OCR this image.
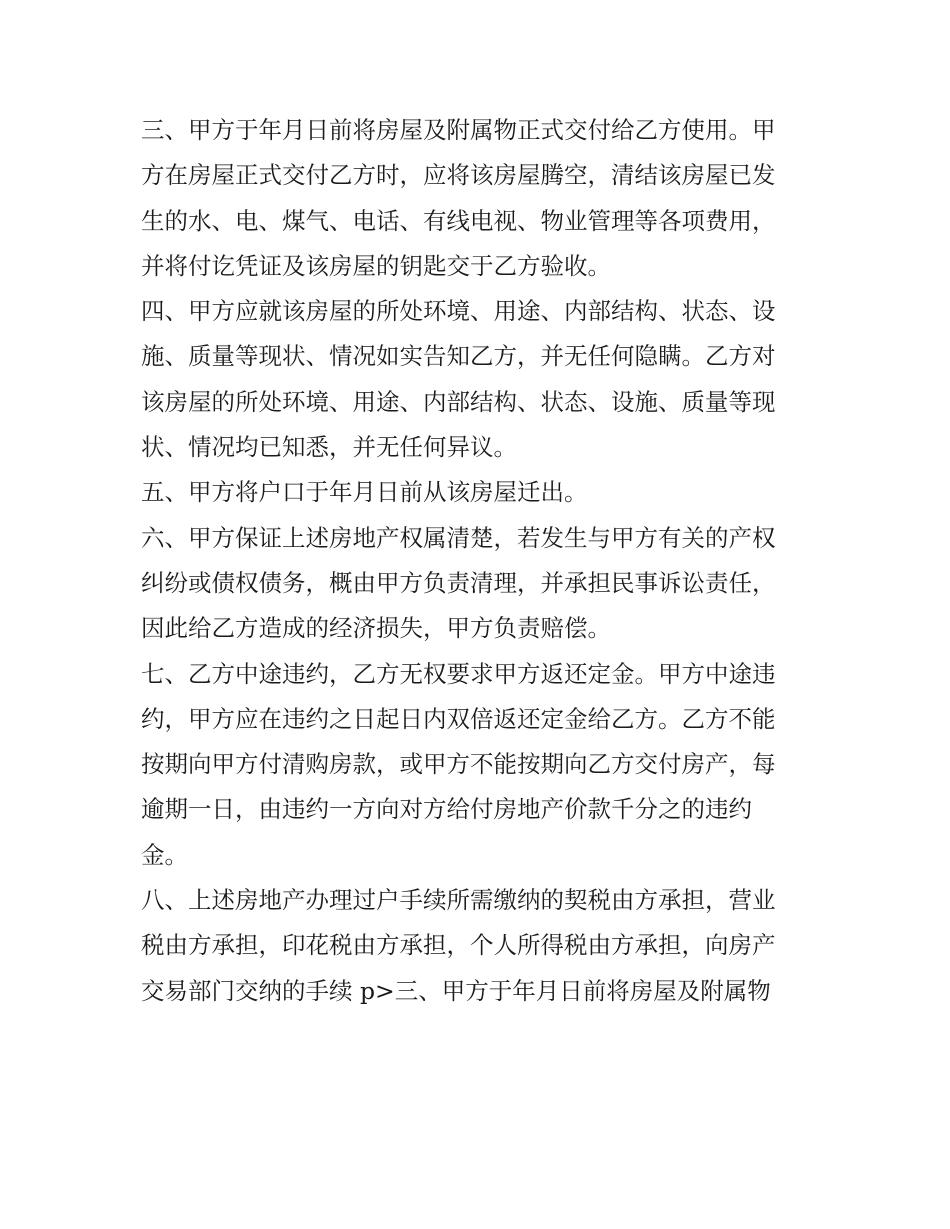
三、甲方于年月日前将房屋及附属物正式交付给乙方使用。甲
方在房屋正式交付乙方时，应将该房屋腾空，清结该房屋已发
生的水、电、煤气、电话、有线电视、物业管理等各项费用，
并将付讫凭证及该房屋的钥匙交于乙方验收。
四、甲方应就该房屋的所处环境、用途、内部结构、状态、设
施、质量等现状、情况如实告知乙方，并无任何隐瞒。乙方对
该房屋的所处环境、用途、内部结构、状态、设施、质量等现
状、情况均已知悉，并无任何异议。
五、甲方将户口于年月日前从该房屋迁出。
六、甲方保证上述房地产权属清楚，若发生与甲方有关的产权
纠纷或债权债务，概由甲方负责清理，并承担民事诉讼责任，
因此给乙方造成的经济损失，甲方负责赔偿。
七、乙方中途违约，乙方无权要求甲方返还定金。甲方中途违
约，甲方应在违约之日起日内双倍返还定金给乙方。乙方不能
按期向甲方付清购房款，或甲方不能按期向乙方交付房产，每
逾期一日，由违约一方向对方给付房地产价款千分之的违约
金。
八、上述房地产办理过户手续所需缴纳的契税由方承担，营业
税由方承担，印花税由方承担，个人所得税由方承担，向房产
交易部门交纳的手续 p>三、甲方于年月日前将房屋及附属物
